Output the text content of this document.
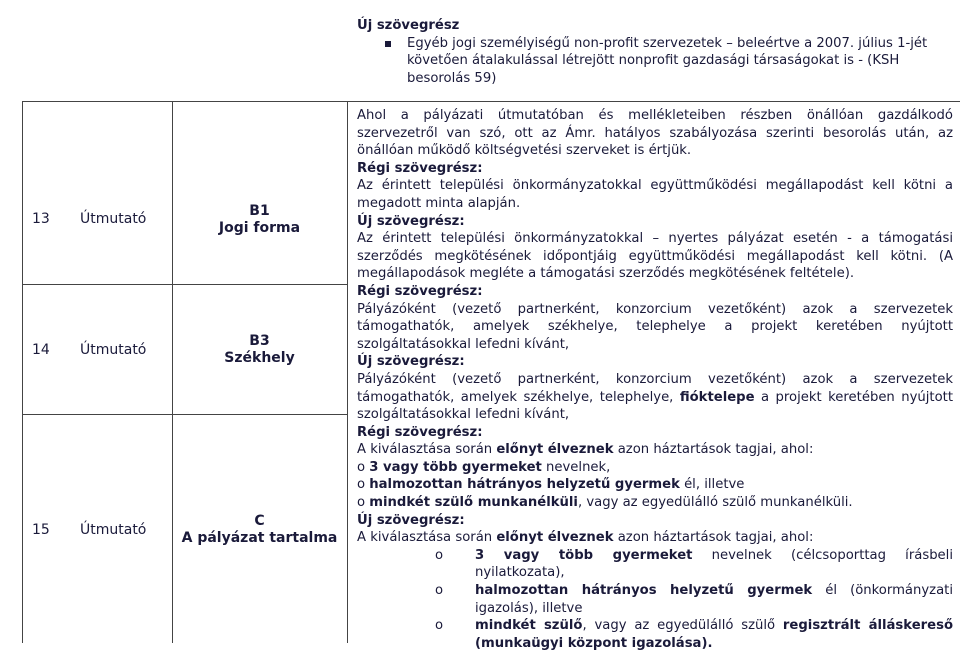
Új szövegrész
Egyéb jogi személyiségű non-profit szervezetek – beleértve a 2007. július 1-jét követően átalakulással létrejött nonprofit gazdasági társaságokat is - (KSH besorolás 59)
13 Útmutató	B1
Jogi forma
14 Útmutató
B3
Székhely
15 Útmutató
C
A pályázat tartalma
Ahol a pályázati útmutatóban és mellékleteiben részben önállóan gazdálkodó szervezetről van szó, ott az Ámr. hatályos szabályozása szerinti besorolás után, az önállóan működő költségvetési szerveket is értjük.
Régi szövegrész:
Az érintett települési önkormányzatokkal együttműködési megállapodást kell kötni a megadott minta alapján.
Új szövegrész:
Az érintett települési önkormányzatokkal – nyertes pályázat esetén - a támogatási szerződés megkötésének időpontjáig együttműködési megállapodást kell kötni. (A megállapodások megléte a támogatási szerződés megkötésének feltétele).
Régi szövegrész:
Pályázóként (vezető partnerként, konzorcium vezetőként) azok a szervezetek támogathatók, amelyek székhelye, telephelye a projekt keretében nyújtott szolgáltatásokkal lefedni kívánt,
Új szövegrész:
Pályázóként (vezető partnerként, konzorcium vezetőként) azok a szervezetek támogathatók, amelyek székhelye, telephelye, fióktelepe a projekt keretében nyújtott szolgáltatásokkal lefedni kívánt,
Régi szövegrész:
A kiválasztása során előnyt élveznek azon háztartások tagjai, ahol:
o 3 vagy több gyermeket nevelnek,
o halmozottan hátrányos helyzetű gyermek él, illetve
o mindkét szülő munkanélküli, vagy az egyedülálló szülő munkanélküli.
Új szövegrész:
A kiválasztása során előnyt élveznek azon háztartások tagjai, ahol:
o 3 vagy több gyermeket nevelnek (célcsoporttag írásbeli nyilatkozata),
o halmozottan hátrányos helyzetű gyermek él (önkormányzati igazolás), illetve
o mindkét szülő, vagy az egyedülálló szülő regisztrált álláskereső (munkaügyi központ igazolása).
